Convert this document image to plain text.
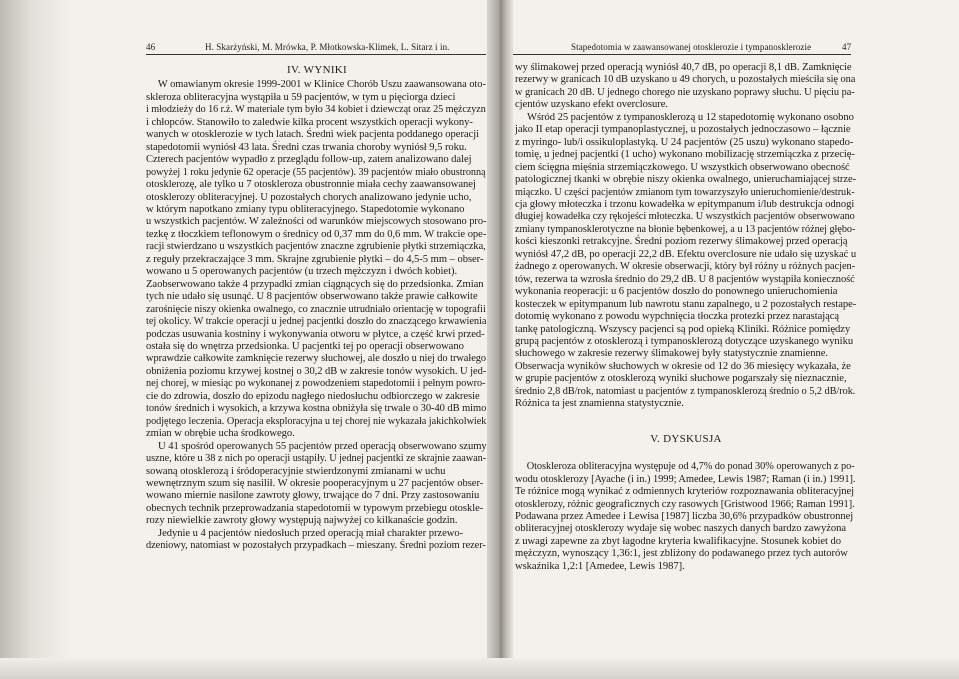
46	H. Skarżyński, M. Mrówka, P. Młotkowska-Klimek, L. Sitarz i in.

IV. WYNIKI

W omawianym okresie 1999-2001 w Klinice Chorób Uszu zaawansowana oto-

skleroza obliteracyjna wystąpiła u 59 pacjentów, w tym u pięciorga dzieci

i młodzieży do 16 r.ż. W materiale tym było 34 kobiet i dziewcząt oraz 25 mężczyzn

i chłopców. Stanowiło to zaledwie kilka procent wszystkich operacji wykony-

wanych w otosklerozie w tych latach. Średni wiek pacjenta poddanego operacji

stapedotomii wyniósł 43 lata. Średni czas trwania choroby wyniósł 9,5 roku.

Czterech pacjentów wypadło z przeglądu follow-up, zatem analizowano dalej

powyżej 1 roku jedynie 62 operacje (55 pacjentów). 39 pacjentów miało obustronną

otosklerozę, ale tylko u 7 otoskleroza obustronnie miała cechy zaawansowanej

otosklerozy obliteracyjnej. U pozostałych chorych analizowano jedynie ucho,

w którym napotkano zmiany typu obliteracyjnego. Stapedotomie wykonano

u wszystkich pacjentów. W zależności od warunków miejscowych stosowano pro-

tezkę z tłoczkiem teflonowym o średnicy od 0,37 mm do 0,6 mm. W trakcie ope-

racji stwierdzano u wszystkich pacjentów znaczne zgrubienie płytki strzemiączka,

z reguły przekraczające 3 mm. Skrajne zgrubienie płytki – do 4,5-5 mm – obser-

wowano u 5 operowanych pacjentów (u trzech mężczyzn i dwóch kobiet).

Zaobserwowano także 4 przypadki zmian ciągnących się do przedsionka. Zmian

tych nie udało się usunąć. U 8 pacjentów obserwowano także prawie całkowite

zarośnięcie niszy okienka owalnego, co znacznie utrudniało orientację w topografii

tej okolicy. W trakcie operacji u jednej pacjentki doszło do znaczącego krwawienia

podczas usuwania kostniny i wykonywania otworu w płytce, a część krwi przed-

ostała się do wnętrza przedsionka. U pacjentki tej po operacji obserwowano

wprawdzie całkowite zamknięcie rezerwy słuchowej, ale doszło u niej do trwałego

obniżenia poziomu krzywej kostnej o 30,2 dB w zakresie tonów wysokich. U jed-

nej chorej, w miesiąc po wykonanej z powodzeniem stapedotomii i pełnym powro-

cie do zdrowia, doszło do epizodu nagłego niedosłuchu odbiorczego w zakresie

tonów średnich i wysokich, a krzywa kostna obniżyła się trwale o 30-40 dB mimo

podjętego leczenia. Operacja eksploracyjna u tej chorej nie wykazała jakichkolwiek

zmian w obrębie ucha środkowego.

U 41 spośród operowanych 55 pacjentów przed operacją obserwowano szumy

uszne, które u 38 z nich po operacji ustąpiły. U jednej pacjentki ze skrajnie zaawan-

sowaną otosklerozą i śródoperacyjnie stwierdzonymi zmianami w uchu

wewnętrznym szum się nasilił. W okresie pooperacyjnym u 27 pacjentów obser-

wowano miernie nasilone zawroty głowy, trwające do 7 dni. Przy zastosowaniu

obecnych technik przeprowadzania stapedotomii w typowym przebiegu otoskle-

rozy niewielkie zawroty głowy występują najwyżej co kilkanaście godzin.

Jedynie u 4 pacjentów niedosłuch przed operacją miał charakter przewo-

dzeniowy, natomiast w pozostałych przypadkach – mieszany. Średni poziom rezer-

Stapedotomia w zaawansowanej otosklerozie i tympanosklerozie	47

wy ślimakowej przed operacją wyniósł 40,7 dB, po operacji 8,1 dB. Zamknięcie

rezerwy w granicach 10 dB uzyskano u 49 chorych, u pozostałych mieściła się ona

w granicach 20 dB. U jednego chorego nie uzyskano poprawy słuchu. U pięciu pa-

cjentów uzyskano efekt overclosure.

Wśród 25 pacjentów z tympanosklerozą u 12 stapedotomię wykonano osobno

jako II etap operacji tympanoplastycznej, u pozostałych jednoczasowo – łącznie

z myringo- lub/i ossikuloplastyką. U 24 pacjentów (25 uszu) wykonano stapedo-

tomię, u jednej pacjentki (1 ucho) wykonano mobilizację strzemiączka z przecię-

ciem ścięgna mięśnia strzemiączkowego. U wszystkich obserwowano obecność

patologicznej tkanki w obrębie niszy okienka owalnego, unieruchamiającej strze-

miączko. U części pacjentów zmianom tym towarzyszyło unieruchomienie/destruk-

cja głowy młoteczka i trzonu kowadełka w epitympanum i/lub destrukcja odnogi

długiej kowadełka czy rękojeści młoteczka. U wszystkich pacjentów obserwowano

zmiany tympanosklerotyczne na błonie bębenkowej, a u 13 pacjentów różnej głębo-

kości kieszonki retrakcyjne. Średni poziom rezerwy ślimakowej przed operacją

wyniósł 47,2 dB, po operacji 22,2 dB. Efektu overclosure nie udało się uzyskać u

żadnego z operowanych. W okresie obserwacji, który był różny u różnych pacjen-

tów, rezerwa ta wzrosła średnio do 29,2 dB. U 8 pacjentów wystąpiła konieczność

wykonania reoperacji: u 6 pacjentów doszło do ponownego unieruchomienia

kosteczek w epitympanum lub nawrotu stanu zapalnego, u 2 pozostałych restape-

dotomię wykonano z powodu wypchnięcia tłoczka protezki przez narastającą

tankę patologiczną. Wszyscy pacjenci są pod opieką Kliniki. Różnice pomiędzy

grupą pacjentów z otosklerozą i tympanosklerozą dotyczące uzyskanego wyniku

słuchowego w zakresie rezerwy ślimakowej były statystycznie znamienne.

Obserwacja wyników słuchowych w okresie od 12 do 36 miesięcy wykazała, że

w grupie pacjentów z otosklerozą wyniki słuchowe pogarszały się nieznacznie,

średnio 2,8 dB/rok, natomiast u pacjentów z tympanosklerozą średnio o 5,2 dB/rok.

Różnica ta jest znamienna statystycznie.

V. DYSKUSJA

Otoskleroza obliteracyjna występuje od 4,7% do ponad 30% operowanych z po-

wodu otosklerozy [Ayache (i in.) 1999; Amedee, Lewis 1987; Raman (i in.) 1991].

Te różnice mogą wynikać z odmiennych kryteriów rozpoznawania obliteracyjnej

otosklerozy, różnic geograficznych czy rasowych [Gristwood 1966; Raman 1991].

Podawana przez Amedee i Lewisa [1987] liczba 30,6% przypadków obustronnej

obliteracyjnej otosklerozy wydaje się wobec naszych danych bardzo zawyżona

z uwagi zapewne za zbyt łagodne kryteria kwalifikacyjne. Stosunek kobiet do

mężczyzn, wynoszący 1,36:1, jest zbliżony do podawanego przez tych autorów

wskaźnika 1,2:1 [Amedee, Lewis 1987].
